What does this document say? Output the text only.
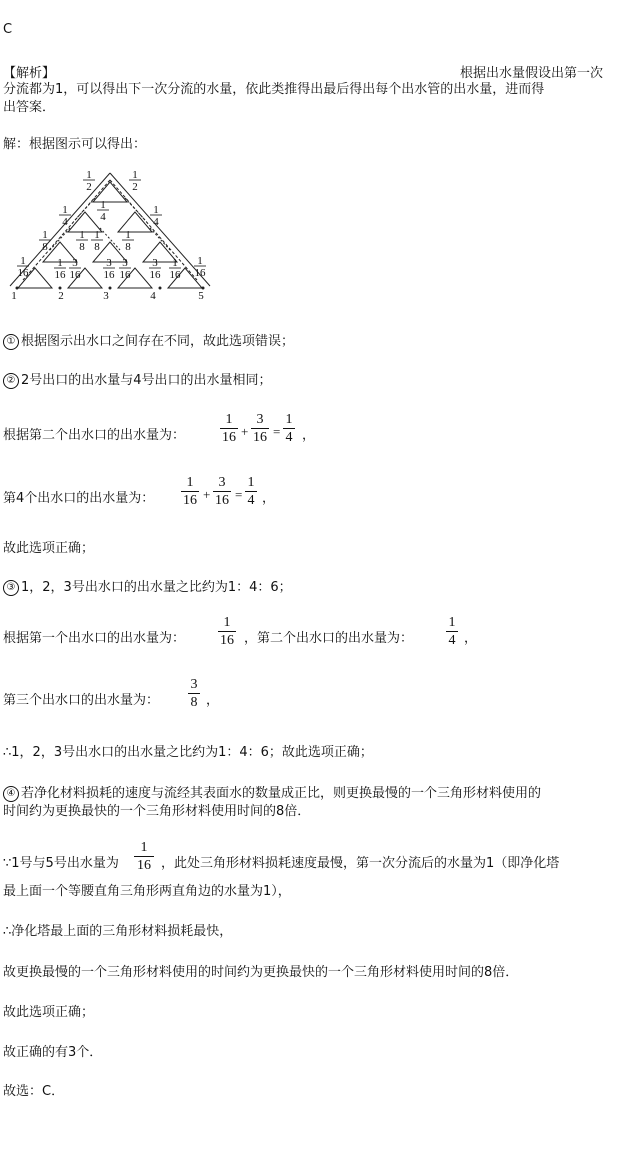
C
【解析】	根据出水量假设出第一次
分流都为1，可以得出下一次分流的水量，依此类推得出最后得出每个出水管的出水量，进而得
出答案．
解：根据图示可以得出：
1
2
1
2
1
4
1
4
1
4
1
8
1
8
1
8
1
8
1
16
1
16
3
16
3
16
3
16
3
16
1
16
1
16
1	2	3	4	5
① 根据图示出水口之间存在不同，故此选项错误；
② 2号出口的出水量与4号出口的出水量相同；
根据第二个出水口的出水量为：
1
16 +
3
16 =
1
4 ，
第4个出水口的出水量为：
1
16 +
3
16 =
1
4 ，
故此选项正确；
③ 1，2，3号出水口的出水量之比约为1：4：6；
根据第一个出水口的出水量为：
1
16 ，第二个出水口的出水量为：
1
4 ，
第三个出水口的出水量为：
3
8 ，
∴1，2，3号出水口的出水量之比约为1：4：6；故此选项正确；
④ 若净化材料损耗的速度与流经其表面水的数量成正比，则更换最慢的一个三角形材料使用的
时间约为更换最快的一个三角形材料使用时间的8倍．
∵1号与5号出水量为
1
16 ，此处三角形材料损耗速度最慢，第一次分流后的水量为1（即净化塔
最上面一个等腰直角三角形两直角边的水量为1），
∴净化塔最上面的三角形材料损耗最快，
故更换最慢的一个三角形材料使用的时间约为更换最快的一个三角形材料使用时间的8倍．
故此选项正确；
故正确的有3个．
故选：C．
